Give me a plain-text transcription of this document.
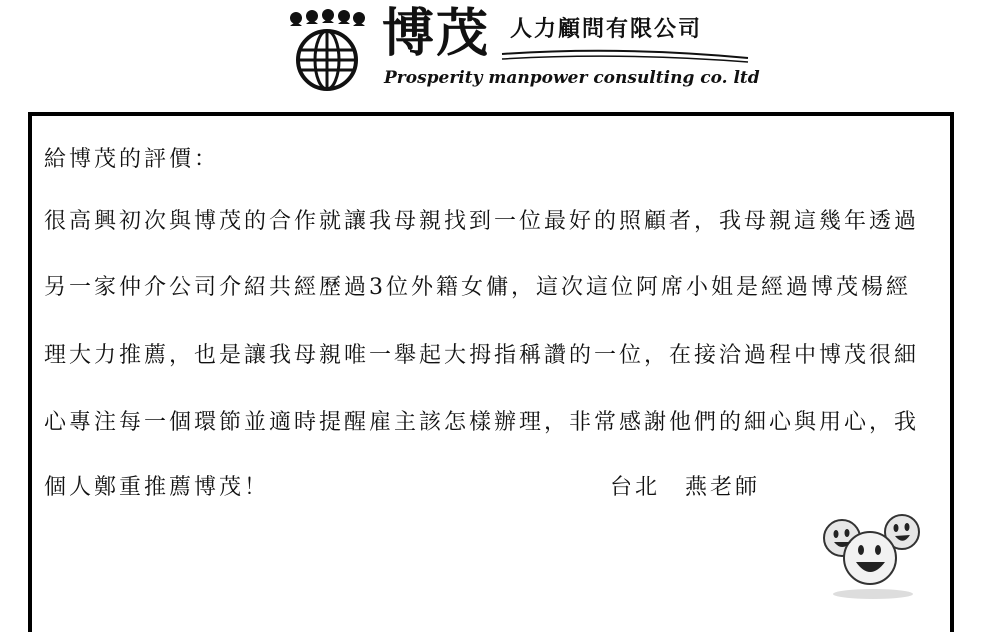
博茂 人力顧問有限公司
Prosperity manpower consulting co. ltd
給博茂的評價：
很高興初次與博茂的合作就讓我母親找到一位最好的照顧者，我母親這幾年透過
另一家仲介公司介紹共經歷過3位外籍女傭，這次這位阿席小姐是經過博茂楊經
理大力推薦，也是讓我母親唯一舉起大拇指稱讚的一位，在接洽過程中博茂很細
心專注每一個環節並適時提醒雇主該怎樣辦理，非常感謝他們的細心與用心，我
個人鄭重推薦博茂！	台北　燕老師
